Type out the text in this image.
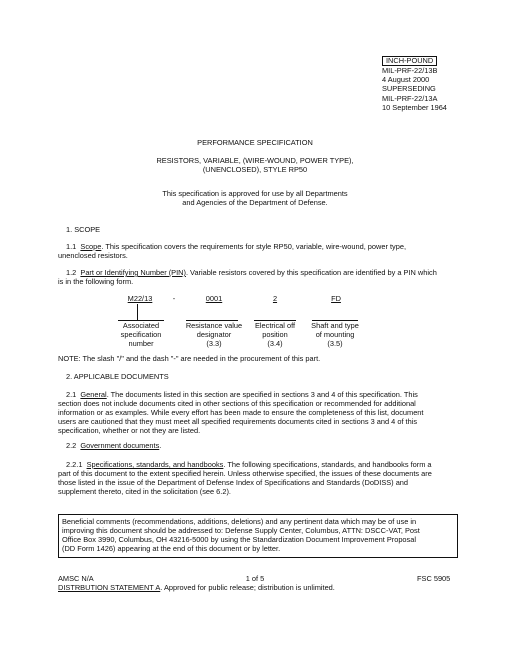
INCH-POUND
MIL-PRF-22/13B
4 August 2000
SUPERSEDING
MIL-PRF-22/13A
10 September 1964
PERFORMANCE SPECIFICATION
RESISTORS, VARIABLE, (WIRE-WOUND, POWER TYPE),
(UNENCLOSED), STYLE RP50
This specification is approved for use by all Departments
and Agencies of the Department of Defense.
1. SCOPE
1.1 Scope. This specification covers the requirements for style RP50, variable, wire-wound, power type,
unenclosed resistors.
1.2 Part or Identifying Number (PIN). Variable resistors covered by this specification are identified by a PIN which
is in the following form.
M22/13	-	0001	2	FD
Associated
specification
number
Resistance value
designator
(3.3)
Electrical off
position
(3.4)
Shaft and type
of mounting
(3.5)
NOTE: The slash "/" and the dash "-" are needed in the procurement of this part.
2. APPLICABLE DOCUMENTS
2.1 General. The documents listed in this section are specified in sections 3 and 4 of this specification. This
section does not include documents cited in other sections of this specification or recommended for additional
information or as examples. While every effort has been made to ensure the completeness of this list, document
users are cautioned that they must meet all specified requirements documents cited in sections 3 and 4 of this
specification, whether or not they are listed.
2.2 Government documents.
2.2.1 Specifications, standards, and handbooks. The following specifications, standards, and handbooks form a
part of this document to the extent specified herein. Unless otherwise specified, the issues of these documents are
those listed in the issue of the Department of Defense Index of Specifications and Standards (DoDISS) and
supplement thereto, cited in the solicitation (see 6.2).
Beneficial comments (recommendations, additions, deletions) and any pertinent data which may be of use in
improving this document should be addressed to: Defense Supply Center, Columbus, ATTN: DSCC-VAT, Post
Office Box 3990, Columbus, OH 43216-5000 by using the Standardization Document Improvement Proposal
(DD Form 1426) appearing at the end of this document or by letter.
AMSC N/A	1 of 5	FSC 5905
DISTRBUTION STATEMENT A. Approved for public release; distribution is unlimited.
